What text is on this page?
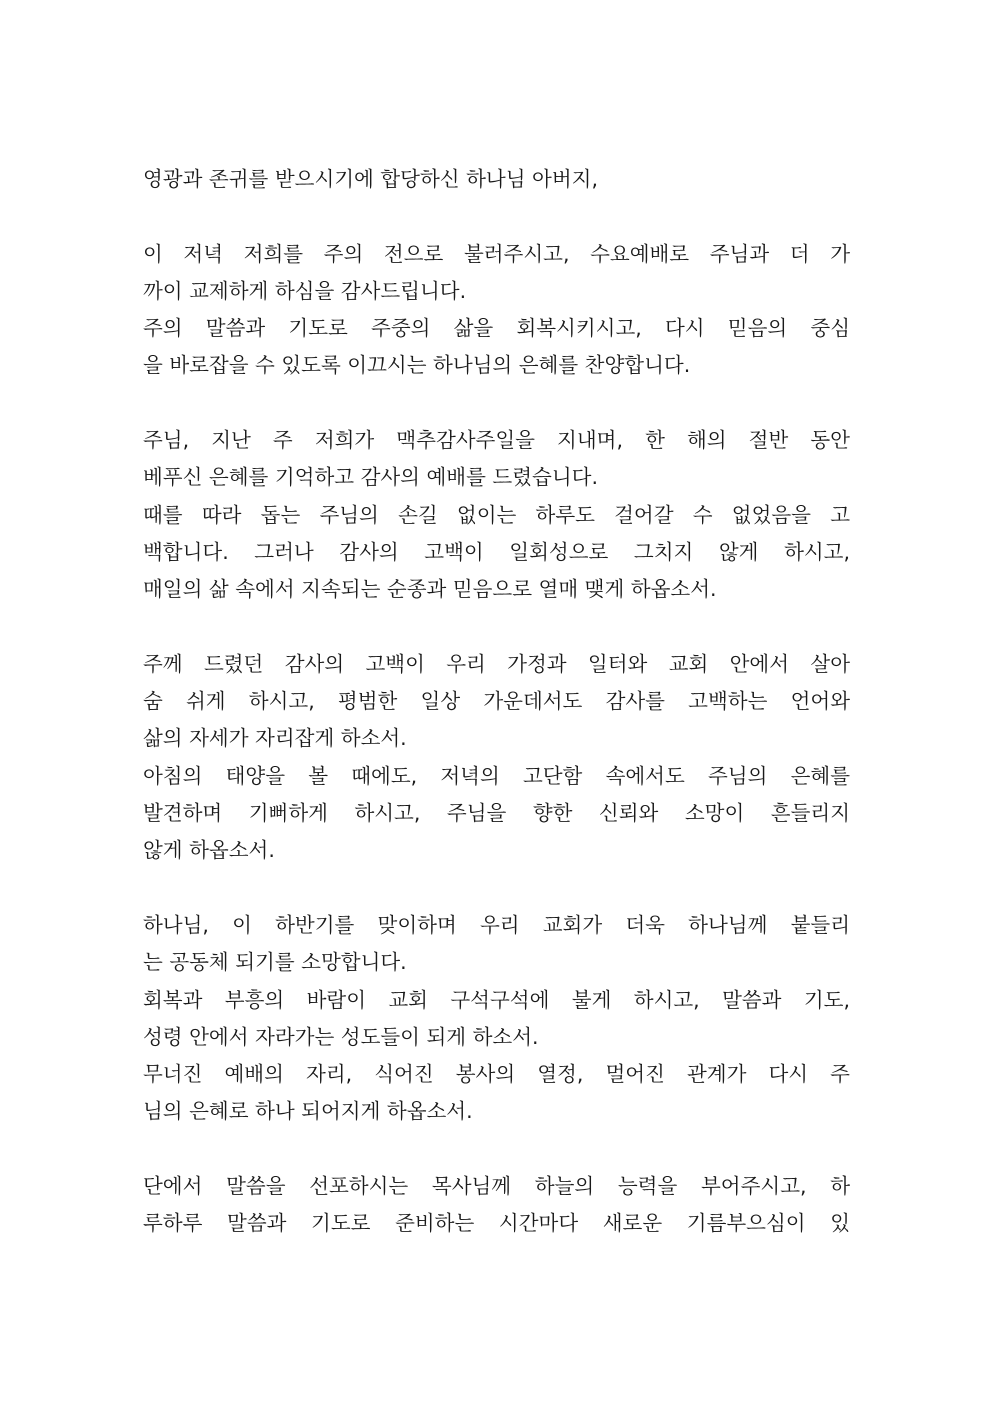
영광과 존귀를 받으시기에 합당하신 하나님 아버지,
이 저녁 저희를 주의 전으로 불러주시고, 수요예배로 주님과 더 가
까이 교제하게 하심을 감사드립니다.
주의 말씀과 기도로 주중의 삶을 회복시키시고, 다시 믿음의 중심
을 바로잡을 수 있도록 이끄시는 하나님의 은혜를 찬양합니다.
주님, 지난 주 저희가 맥추감사주일을 지내며, 한 해의 절반 동안
베푸신 은혜를 기억하고 감사의 예배를 드렸습니다.
때를 따라 돕는 주님의 손길 없이는 하루도 걸어갈 수 없었음을 고
백합니다. 그러나 감사의 고백이 일회성으로 그치지 않게 하시고,
매일의 삶 속에서 지속되는 순종과 믿음으로 열매 맺게 하옵소서.
주께 드렸던 감사의 고백이 우리 가정과 일터와 교회 안에서 살아
숨 쉬게 하시고, 평범한 일상 가운데서도 감사를 고백하는 언어와
삶의 자세가 자리잡게 하소서.
아침의 태양을 볼 때에도, 저녁의 고단함 속에서도 주님의 은혜를
발견하며 기뻐하게 하시고, 주님을 향한 신뢰와 소망이 흔들리지
않게 하옵소서.
하나님, 이 하반기를 맞이하며 우리 교회가 더욱 하나님께 붙들리
는 공동체 되기를 소망합니다.
회복과 부흥의 바람이 교회 구석구석에 불게 하시고, 말씀과 기도,
성령 안에서 자라가는 성도들이 되게 하소서.
무너진 예배의 자리, 식어진 봉사의 열정, 멀어진 관계가 다시 주
님의 은혜로 하나 되어지게 하옵소서.
단에서 말씀을 선포하시는 목사님께 하늘의 능력을 부어주시고, 하
루하루 말씀과 기도로 준비하는 시간마다 새로운 기름부으심이 있
